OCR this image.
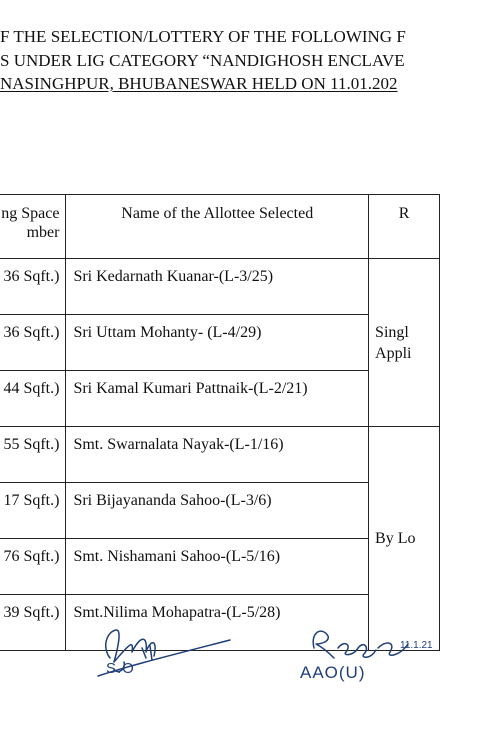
F THE SELECTION/LOTTERY OF THE FOLLOWING F
S UNDER LIG CATEGORY “NANDIGHOSH ENCLAVE
NASINGHPUR, BHUBANESWAR HELD ON 11.01.202
ng Space
mber	Name of the Allottee Selected	R
36 Sqft.)	Sri Kedarnath Kuanar-(L-3/25)	Singl
Appli

36 Sqft.)	Sri Uttam Mohanty- (L-4/29)	
44 Sqft.)	Sri Kamal Kumari Pattnaik-(L-2/21)	
55 Sqft.)	Smt. Swarnalata Nayak-(L-1/16)	By Lo

17 Sqft.)	Sri Bijayananda Sahoo-(L-3/6)	
76 Sqft.)	Smt. Nishamani Sahoo-(L-5/16)	
39 Sqft.)	Smt.Nilima Mohapatra-(L-5/28)	
S.O
11.1.21
AAO(U)
